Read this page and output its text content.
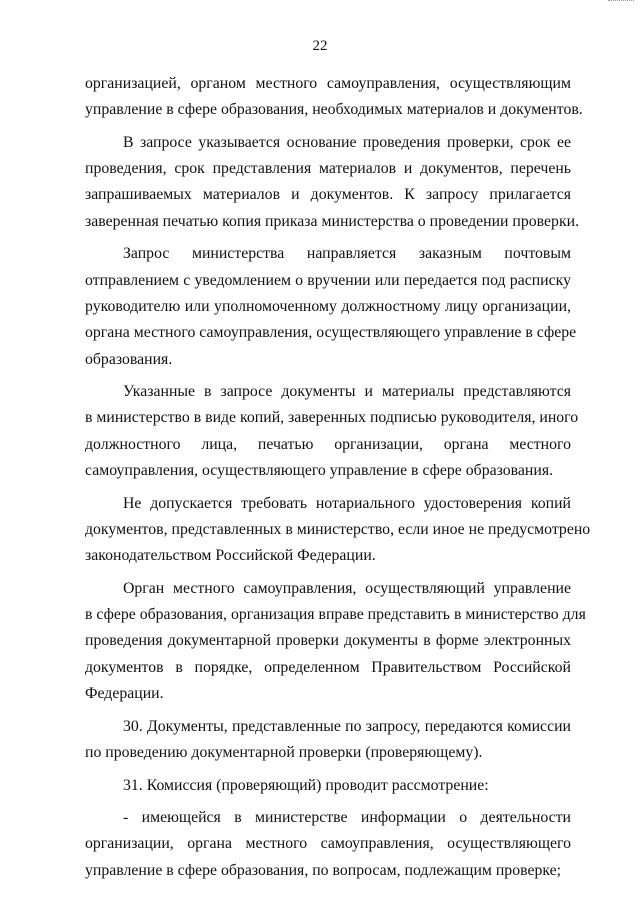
22
организацией, органом местного самоуправления, осуществляющим
управление в сфере образования, необходимых материалов и документов.
В запросе указывается основание проведения проверки, срок ее
проведения, срок представления материалов и документов, перечень
запрашиваемых материалов и документов. К запросу прилагается
заверенная печатью копия приказа министерства о проведении проверки.
Запрос министерства направляется заказным почтовым
отправлением с уведомлением о вручении или передается под расписку
руководителю или уполномоченному должностному лицу организации,
органа местного самоуправления, осуществляющего управление в сфере
образования.
Указанные в запросе документы и материалы представляются
в министерство в виде копий, заверенных подписью руководителя, иного
должностного лица, печатью организации, органа местного
самоуправления, осуществляющего управление в сфере образования.
Не допускается требовать нотариального удостоверения копий
документов, представленных в министерство, если иное не предусмотрено
законодательством Российской Федерации.
Орган местного самоуправления, осуществляющий управление
в сфере образования, организация вправе представить в министерство для
проведения документарной проверки документы в форме электронных
документов в порядке, определенном Правительством Российской
Федерации.
30. Документы, представленные по запросу, передаются комиссии
по проведению документарной проверки (проверяющему).
31. Комиссия (проверяющий) проводит рассмотрение:
- имеющейся в министерстве информации о деятельности
организации, органа местного самоуправления, осуществляющего
управление в сфере образования, по вопросам, подлежащим проверке;
